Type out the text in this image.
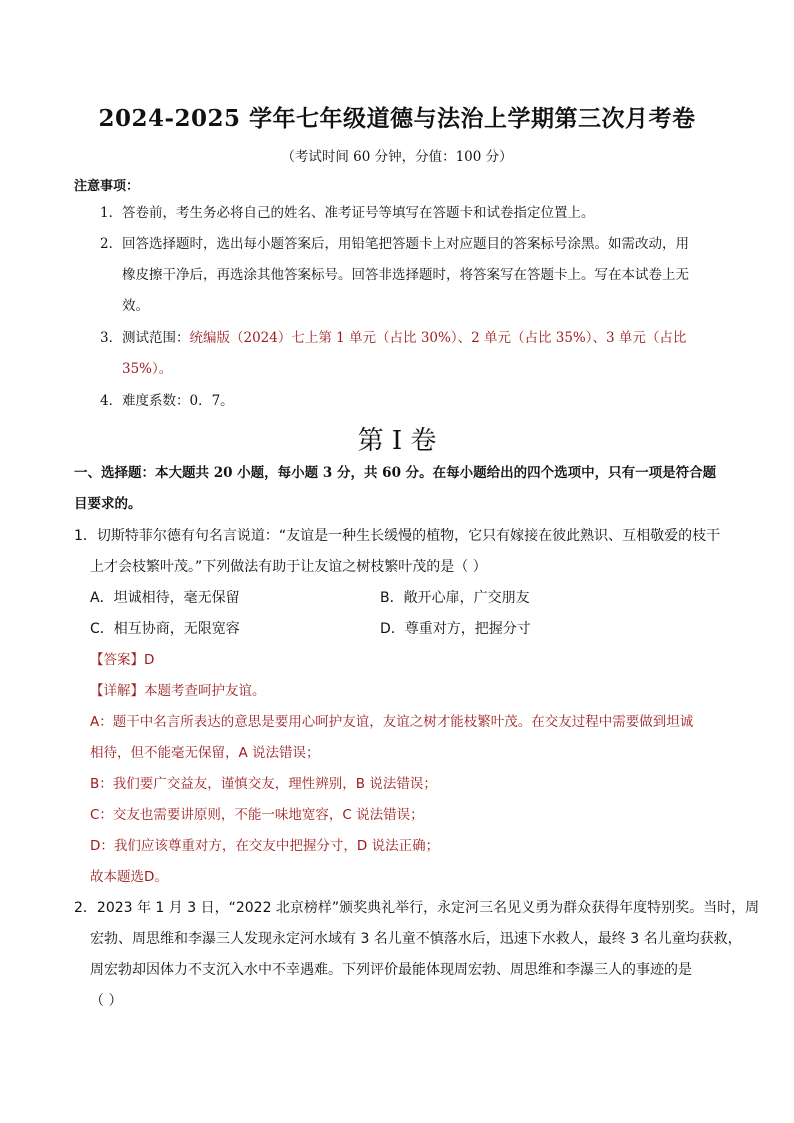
2024-2025 学年七年级道德与法治上学期第三次月考卷
（考试时间 60 分钟，分值：100 分）
注意事项：
1． 答卷前，考生务必将自己的姓名、准考证号等填写在答题卡和试卷指定位置上。
2． 回答选择题时，选出每小题答案后，用铅笔把答题卡上对应题目的答案标号涂黑。如需改动，用
橡皮擦干净后，再选涂其他答案标号。回答非选择题时，将答案写在答题卡上。写在本试卷上无
效。
3． 测试范围：统编版（2024）七上第 1 单元（占比 30%）、2 单元（占比 35%）、3 单元（占比
35%）。
4． 难度系数：0．7。
第 I 卷
一、选择题：本大题共 20 小题，每小题 3 分，共 60 分。在每小题给出的四个选项中，只有一项是符合题
目要求的。
1．切斯特菲尔德有句名言说道：“友谊是一种生长缓慢的植物，它只有嫁接在彼此熟识、互相敬爱的枝干
上才会枝繁叶茂。”下列做法有助于让友谊之树枝繁叶茂的是（ ）
A．坦诚相待，毫无保留	B．敞开心扉，广交朋友
C．相互协商，无限宽容	D．尊重对方，把握分寸
【答案】D
【详解】本题考查呵护友谊。
A：题干中名言所表达的意思是要用心呵护友谊，友谊之树才能枝繁叶茂。在交友过程中需要做到坦诚
相待，但不能毫无保留，A 说法错误；
B：我们要广交益友，谨慎交友，理性辨别，B 说法错误；
C：交友也需要讲原则，不能一味地宽容，C 说法错误；
D：我们应该尊重对方，在交友中把握分寸，D 说法正确；
故本题选D。
2．2023 年 1 月 3 日，“2022 北京榜样”颁奖典礼举行，永定河三名见义勇为群众获得年度特别奖。当时，周
宏勃、周思维和李瀑三人发现永定河水域有 3 名儿童不慎落水后，迅速下水救人，最终 3 名儿童均获救，
周宏勃却因体力不支沉入水中不幸遇难。下列评价最能体现周宏勃、周思维和李瀑三人的事迹的是
（ ）
